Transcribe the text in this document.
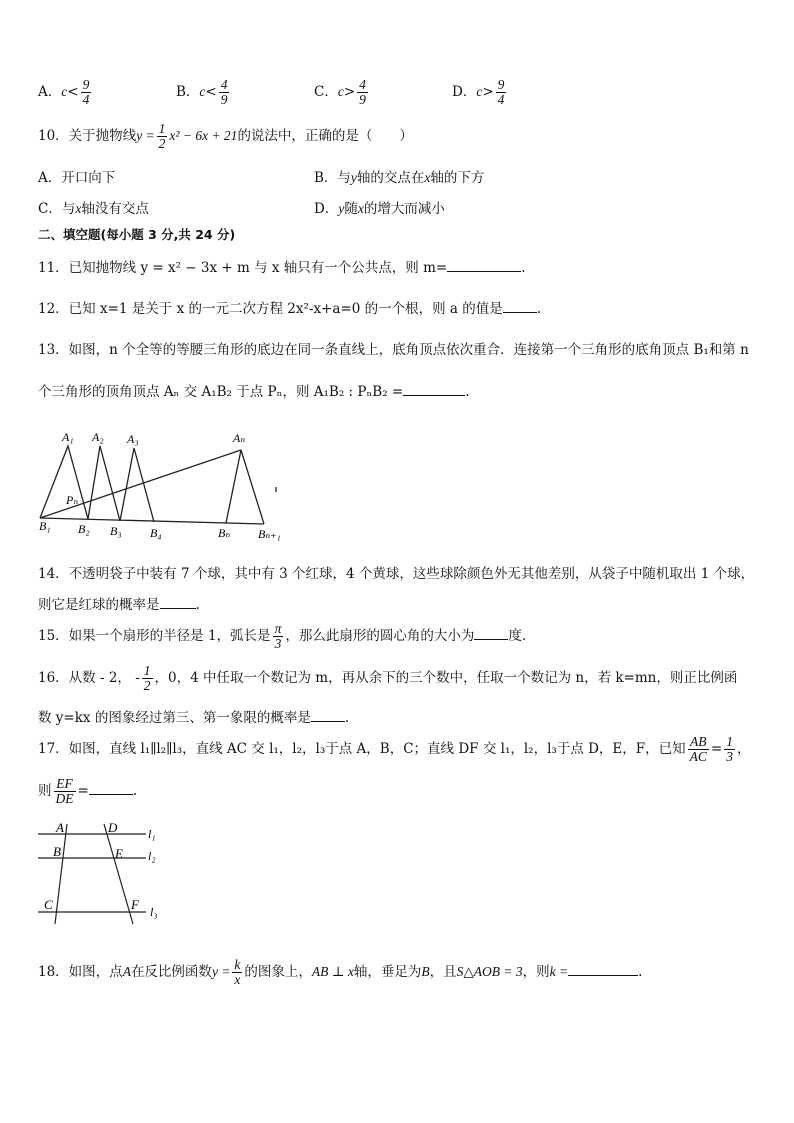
A．$c< \frac{9}{4}$	B．$c< \frac{4}{9}$	C．$c> \frac{4}{9}$	D．$c> \frac{9}{4}$
10．关于抛物线$y = \frac{1}{2} x^2 - 6x + 21$的说法中，正确的是（　　）
A．开口向下	B．与y轴的交点在x轴的下方
C．与x轴没有交点	D．y随x的增大而减小
二、填空题(每小题 3 分,共 24 分)
11．已知抛物线 y = x² − 3x + m 与 x 轴只有一个公共点，则 m=	.
12．已知 x=1 是关于 x 的一元二次方程 2x²-x+a=0 的一个根，则 a 的值是	.
13．如图，n 个全等的等腰三角形的底边在同一条直线上，底角顶点依次重合．连接第一个三角形的底角顶点 B₁和第 n
个三角形的顶角顶点 Aₙ 交 A₁B₂ 于点 Pₙ，则 A₁B₂ : PₙB₂ =	.
A₁ A₂ A₃	Aₙ
Pₙ
B₁ B₂ B₃ B₄	Bₙ Bₙ₊₁
14．不透明袋子中装有 7 个球，其中有 3 个红球，4 个黄球，这些球除颜色外无其他差别，从袋子中随机取出 1 个球，
则它是红球的概率是	.
15．如果一个扇形的半径是 1，弧长是 $\frac{\pi}{3}$ ，那么此扇形的圆心角的大小为	度.
16．从数 - 2， - $\frac{1}{2}$ ，0，4 中任取一个数记为 m，再从余下的三个数中，任取一个数记为 n，若 k=mn，则正比例函
数 y=kx 的图象经过第三、第一象限的概率是	.
17．如图，直线 l₁∥l₂∥l₃，直线 AC 交 l₁，l₂，l₃于点 A，B，C；直线 DF 交 l₁，l₂，l₃于点 D，E，F，已知 $\frac{AB}{AC} = \frac{1}{3}$ ，
则 $\frac{EF}{DE}$ =	.
A	D	l₁
B	E l₂
C	F l₃
18．如图，点A在反比例函数$y = \frac{k}{x}$ 的图象上，AB ⊥ x轴，垂足为B，且S△AOB = 3，则k =	.
